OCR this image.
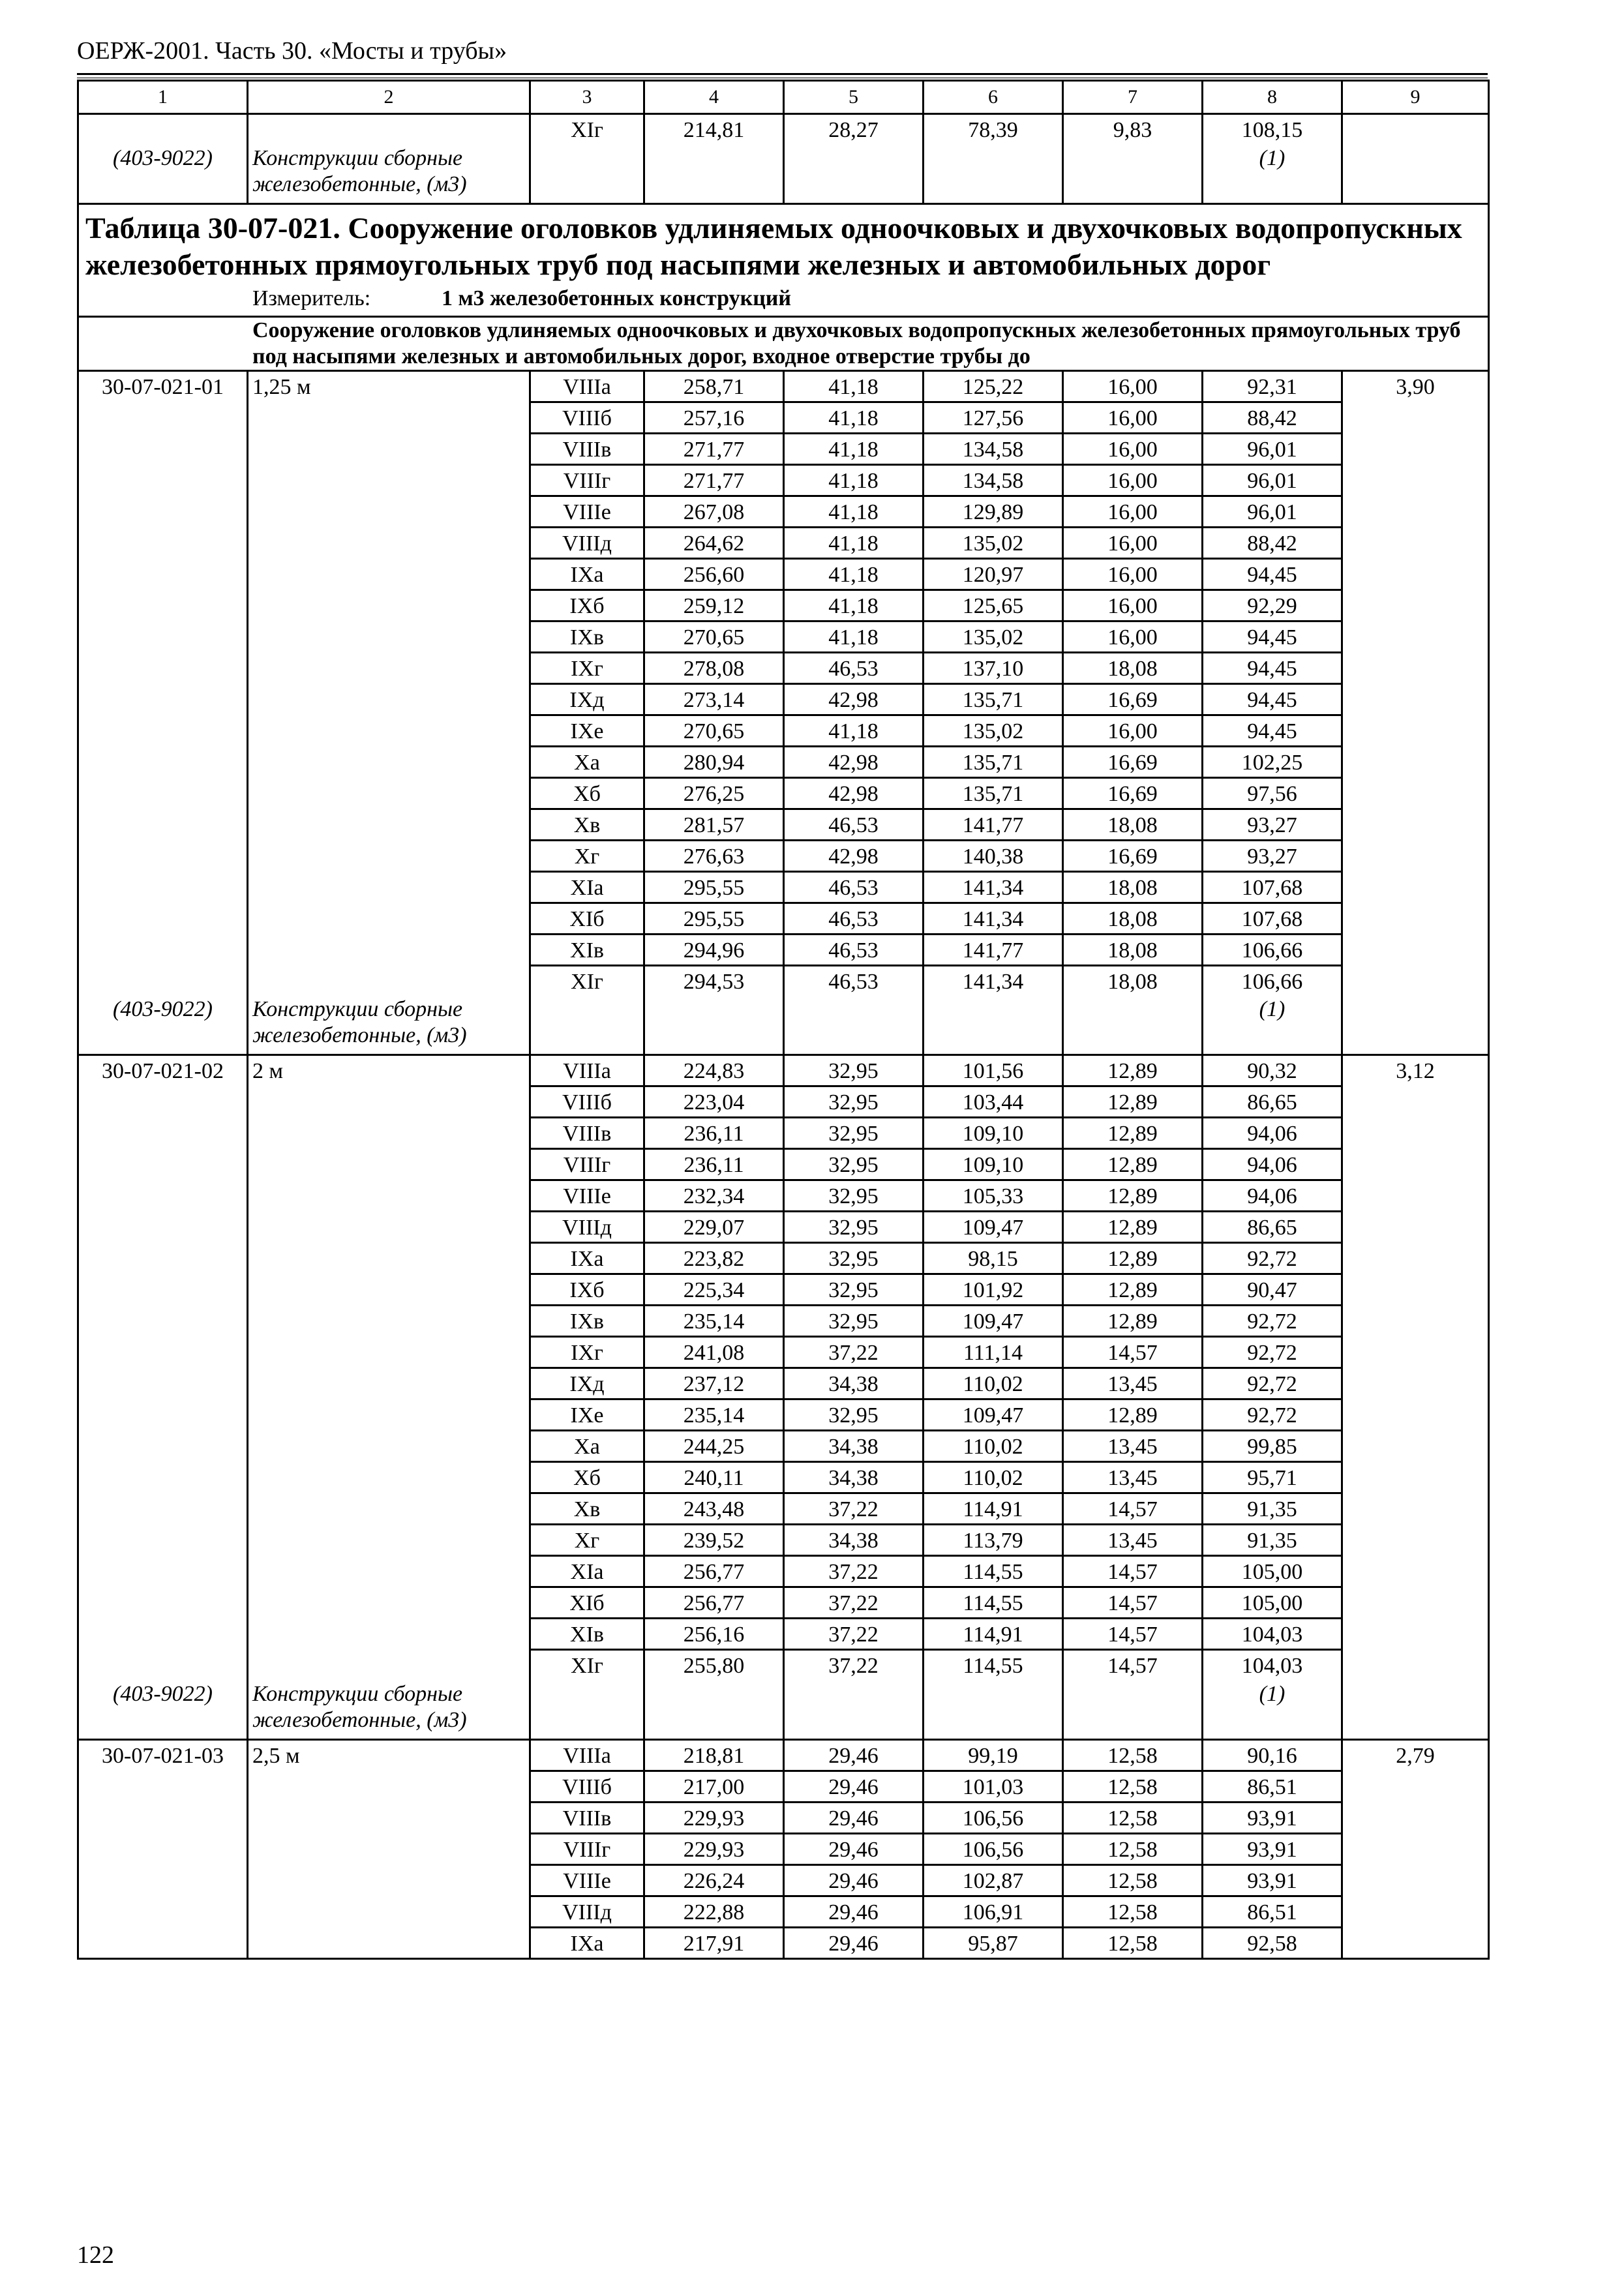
ОЕРЖ-2001. Часть 30. «Мосты и трубы»
1	2	3	4	5	6	7	8	9
		XIг	214,81	28,27	78,39	9,83	108,15	
(403-9022)	Конструкции сборные железобетонные, (м3)						(1)	

Таблица 30-07-021. Сооружение оголовков удлиняемых одноочковых и двухочковых водопропускных железобетонных прямоугольных труб под насыпями железных и автомобильных дорог
Измеритель: 1 м3 железобетонных конструкций								

Сооружение оголовков удлиняемых одноочковых и двухочковых водопропускных железобетонных прямоугольных труб под насыпями железных и автомобильных дорог, входное отверстие трубы до								
30-07-021-01	1,25 м	VIIIа	258,71	41,18	125,22	16,00	92,31	3,90
		VIIIб	257,16	41,18	127,56	16,00	88,42	
		VIIIв	271,77	41,18	134,58	16,00	96,01	
		VIIIг	271,77	41,18	134,58	16,00	96,01	
		VIIIе	267,08	41,18	129,89	16,00	96,01	
		VIIIд	264,62	41,18	135,02	16,00	88,42	
		IXа	256,60	41,18	120,97	16,00	94,45	
		IXб	259,12	41,18	125,65	16,00	92,29	
		IXв	270,65	41,18	135,02	16,00	94,45	
		IXг	278,08	46,53	137,10	18,08	94,45	
		IXд	273,14	42,98	135,71	16,69	94,45	
		IXе	270,65	41,18	135,02	16,00	94,45	
		Xа	280,94	42,98	135,71	16,69	102,25	
		Xб	276,25	42,98	135,71	16,69	97,56	
		Xв	281,57	46,53	141,77	18,08	93,27	
		Xг	276,63	42,98	140,38	16,69	93,27	
		XIа	295,55	46,53	141,34	18,08	107,68	
		XIб	295,55	46,53	141,34	18,08	107,68	
		XIв	294,96	46,53	141,77	18,08	106,66	
		XIг	294,53	46,53	141,34	18,08	106,66	
(403-9022)	Конструкции сборные железобетонные, (м3)						(1)	
30-07-021-02	2 м	VIIIа	224,83	32,95	101,56	12,89	90,32	3,12
		VIIIб	223,04	32,95	103,44	12,89	86,65	
		VIIIв	236,11	32,95	109,10	12,89	94,06	
		VIIIг	236,11	32,95	109,10	12,89	94,06	
		VIIIе	232,34	32,95	105,33	12,89	94,06	
		VIIIд	229,07	32,95	109,47	12,89	86,65	
		IXа	223,82	32,95	98,15	12,89	92,72	
		IXб	225,34	32,95	101,92	12,89	90,47	
		IXв	235,14	32,95	109,47	12,89	92,72	
		IXг	241,08	37,22	111,14	14,57	92,72	
		IXд	237,12	34,38	110,02	13,45	92,72	
		IXе	235,14	32,95	109,47	12,89	92,72	
		Xа	244,25	34,38	110,02	13,45	99,85	
		Xб	240,11	34,38	110,02	13,45	95,71	
		Xв	243,48	37,22	114,91	14,57	91,35	
		Xг	239,52	34,38	113,79	13,45	91,35	
		XIа	256,77	37,22	114,55	14,57	105,00	
		XIб	256,77	37,22	114,55	14,57	105,00	
		XIв	256,16	37,22	114,91	14,57	104,03	
		XIг	255,80	37,22	114,55	14,57	104,03	
(403-9022)	Конструкции сборные железобетонные, (м3)						(1)	
30-07-021-03	2,5 м	VIIIа	218,81	29,46	99,19	12,58	90,16	2,79
		VIIIб	217,00	29,46	101,03	12,58	86,51	
		VIIIв	229,93	29,46	106,56	12,58	93,91	
		VIIIг	229,93	29,46	106,56	12,58	93,91	
		VIIIе	226,24	29,46	102,87	12,58	93,91	
		VIIIд	222,88	29,46	106,91	12,58	86,51	
		IXа	217,91	29,46	95,87	12,58	92,58	
122
